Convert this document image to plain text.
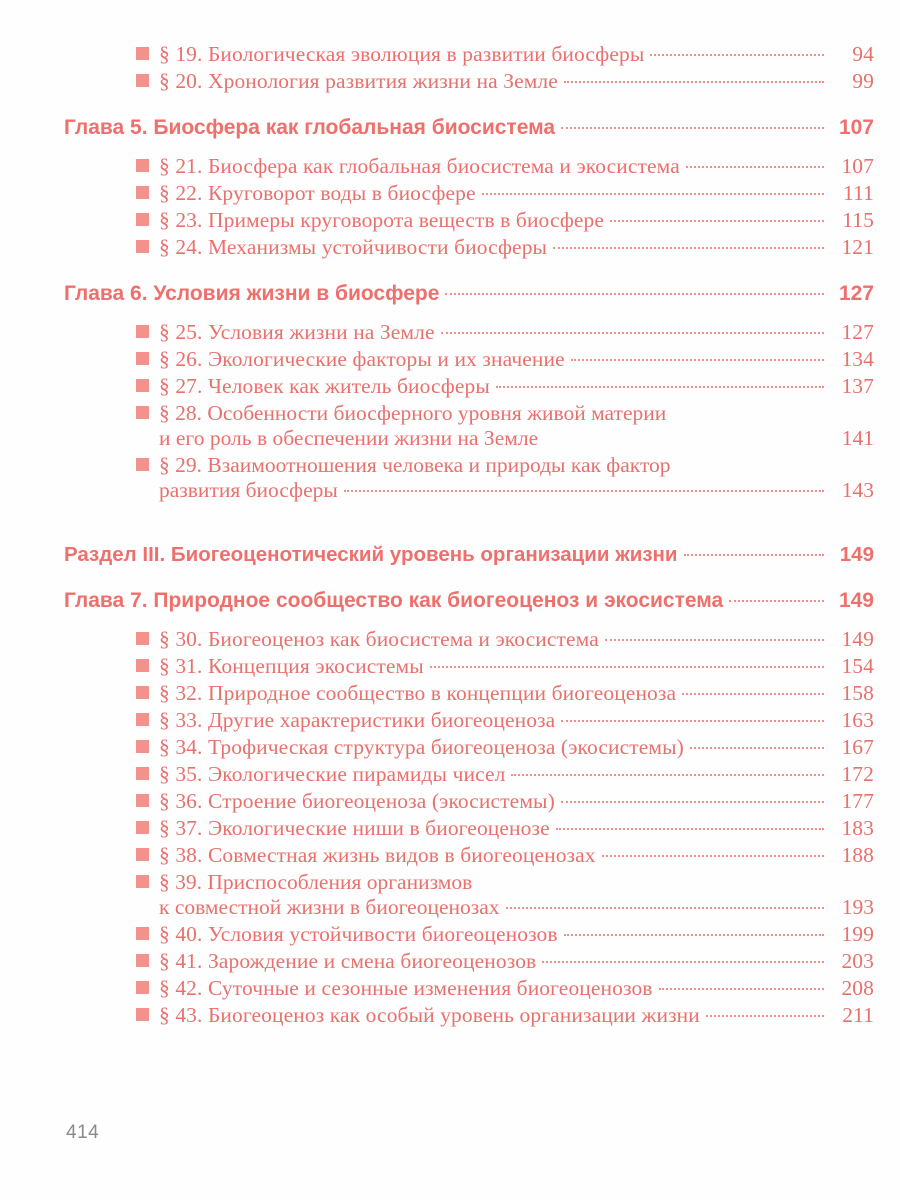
§ 19. Биологическая эволюция в развитии биосферы	94
§ 20. Хронология развития жизни на Земле	99
Глава 5. Биосфера как глобальная биосистема	107
§ 21. Биосфера как глобальная биосистема и экосистема	107
§ 22. Круговорот воды в биосфере	111
§ 23. Примеры круговорота веществ в биосфере	115
§ 24. Механизмы устойчивости биосферы	121
Глава 6. Условия жизни в биосфере	127
§ 25. Условия жизни на Земле	127
§ 26. Экологические факторы и их значение	134
§ 27. Человек как житель биосферы	137
§ 28. Особенности биосферного уровня живой материи
и его роль в обеспечении жизни на Земле	141
§ 29. Взаимоотношения человека и природы как фактор
развития биосферы	143
Раздел III. Биогеоценотический уровень организации жизни	149
Глава 7. Природное сообщество как биогеоценоз и экосистема	149
§ 30. Биогеоценоз как биосистема и экосистема	149
§ 31. Концепция экосистемы	154
§ 32. Природное сообщество в концепции биогеоценоза	158
§ 33. Другие характеристики биогеоценоза	163
§ 34. Трофическая структура биогеоценоза (экосистемы)	167
§ 35. Экологические пирамиды чисел	172
§ 36. Строение биогеоценоза (экосистемы)	177
§ 37. Экологические ниши в биогеоценозе	183
§ 38. Совместная жизнь видов в биогеоценозах	188
§ 39. Приспособления организмов
к совместной жизни в биогеоценозах	193
§ 40. Условия устойчивости биогеоценозов	199
§ 41. Зарождение и смена биогеоценозов	203
§ 42. Суточные и сезонные изменения биогеоценозов	208
§ 43. Биогеоценоз как особый уровень организации жизни	211
414
